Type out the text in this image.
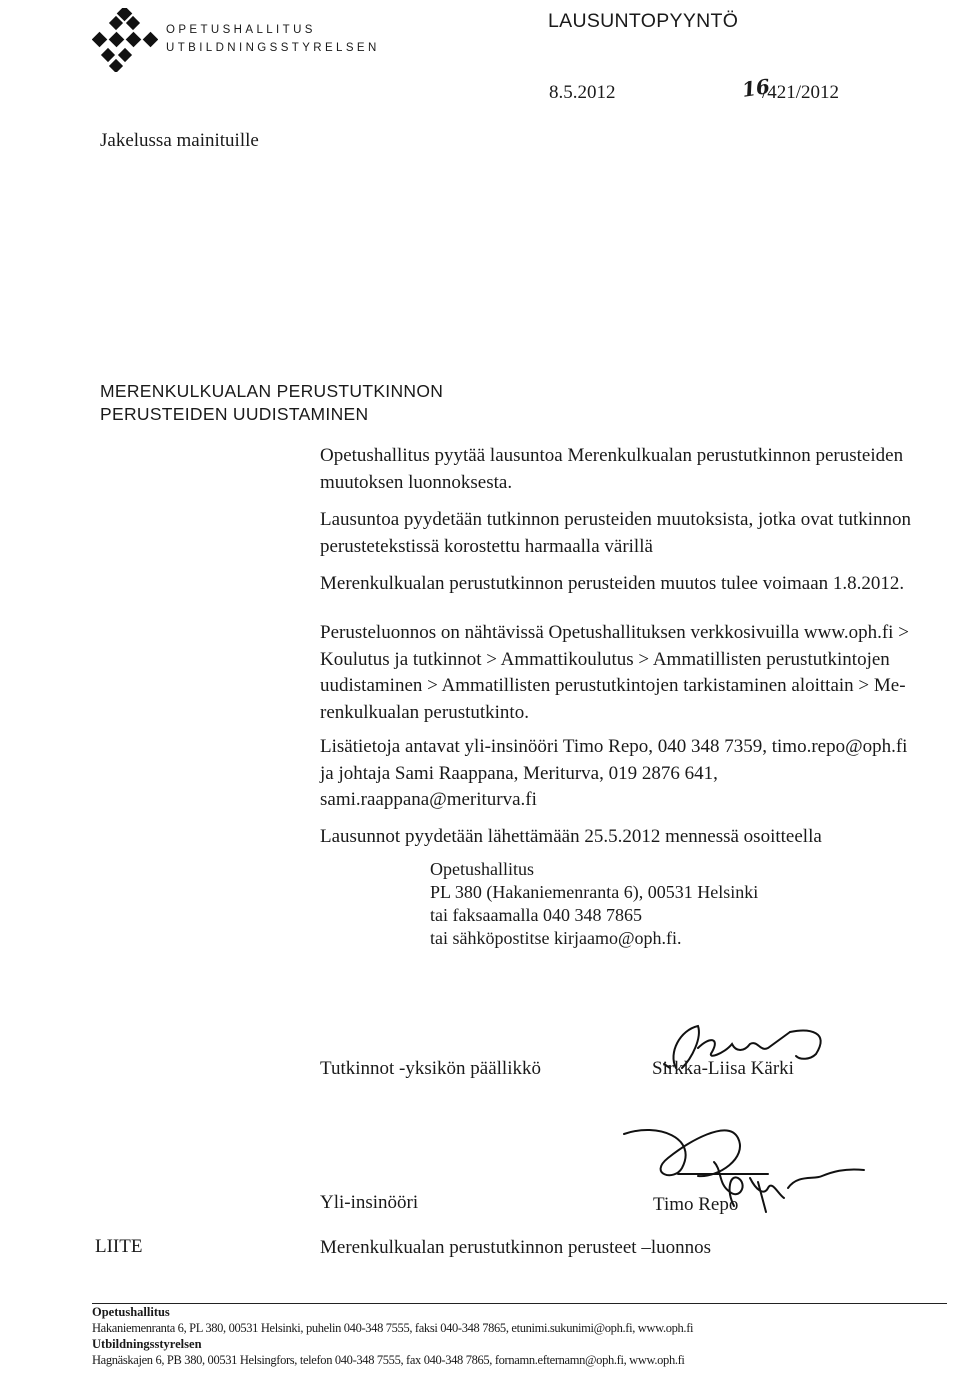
OPETUSHALLITUS
UTBILDNINGSSTYRELSEN
LAUSUNTOPYYNTÖ
8.5.2012	16
/421/2012
Jakelussa mainituille
MERENKULKUALAN PERUSTUTKINNON
PERUSTEIDEN UUDISTAMINEN
Opetushallitus pyytää lausuntoa Merenkulkualan perustutkinnon perusteiden
muutoksen luonnoksesta.
Lausuntoa pyydetään tutkinnon perusteiden muutoksista, jotka ovat tutkinnon
perustetekstissä korostettu harmaalla värillä
Merenkulkualan perustutkinnon perusteiden muutos tulee voimaan 1.8.2012.
Perusteluonnos on nähtävissä Opetushallituksen verkkosivuilla www.oph.fi >
Koulutus ja tutkinnot > Ammattikoulutus > Ammatillisten perustutkintojen
uudistaminen > Ammatillisten perustutkintojen tarkistaminen aloittain > Me-
renkulkualan perustutkinto.
Lisätietoja antavat yli-insinööri Timo Repo, 040 348 7359, timo.repo@oph.fi
ja johtaja Sami Raappana, Meriturva, 019 2876 641,
sami.raappana@meriturva.fi
Lausunnot pyydetään lähettämään 25.5.2012 mennessä osoitteella
Opetushallitus
PL 380 (Hakaniemenranta 6), 00531 Helsinki
tai faksaamalla 040 348 7865
tai sähköpostitse kirjaamo@oph.fi.
Tutkinnot -yksikön päällikkö	Sirkka-Liisa Kärki
Yli-insinööri	Timo Repo
LIITE	Merenkulkualan perustutkinnon perusteet –luonnos
Opetushallitus
Hakaniemenranta 6, PL 380, 00531 Helsinki, puhelin 040-348 7555, faksi 040-348 7865, etunimi.sukunimi@oph.fi, www.oph.fi
Utbildningsstyrelsen
Hagnäskajen 6, PB 380, 00531 Helsingfors, telefon 040-348 7555, fax 040-348 7865, fornamn.efternamn@oph.fi, www.oph.fi
